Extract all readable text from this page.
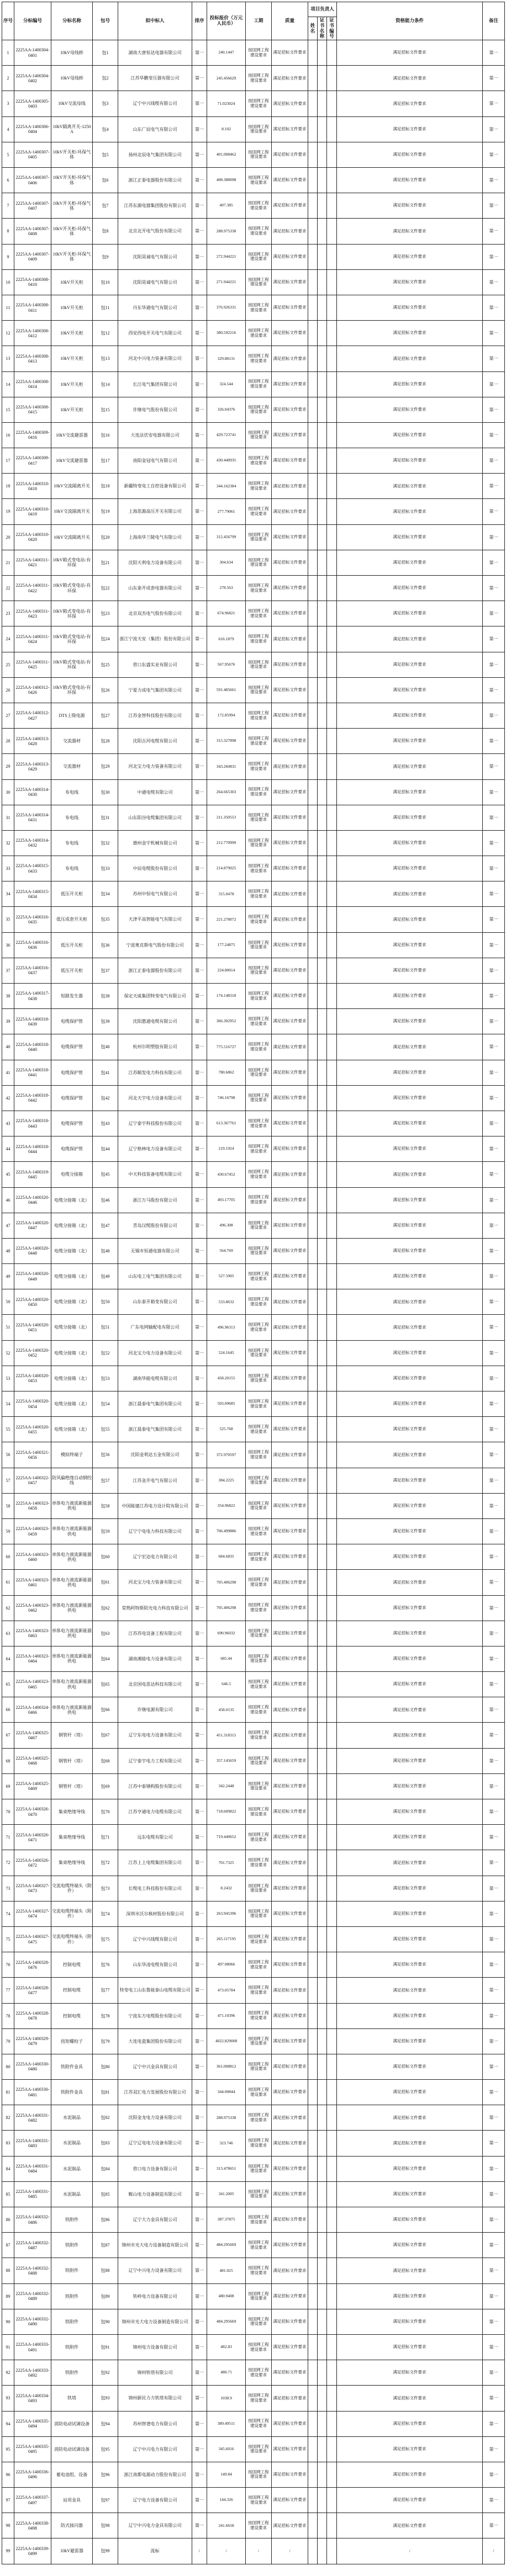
序号	分标编号	分标名称	包号	拟中标人	排序	投标报价（万元人民币）	工期	质量	项目负责人			资格能力条件	备注
									姓名	证书名称	证书编号		
1	2225AA-1400304-0401	10kV母线桥	包1	湖南大唐恒达电器有限公司	第一	240.1447	按国网工程建设要求	满足招标文件要求				满足招标文件要求	第一
2	2225AA-1400304-0402	10kV母线桥	包2	江苏华鹏变压器有限公司	第一	245.456629	按国网工程建设要求	满足招标文件要求				满足招标文件要求	第一
3	2225AA-1400305-0403	10kV交流母线	包3	辽宁中兴线缆有限公司	第一	71.023024	按国网工程建设要求	满足招标文件要求				满足招标文件要求	第一
4	2225AA-1400306-0404	10kV隔离开关-1250A	包4	山东广辰电气有限公司	第一	8.102	按国网工程建设要求	满足招标文件要求				满足招标文件要求	第一
5	2225AA-1400307-0405	10kV开关柜-环保气体	包5	扬州北辰电气集团有限公司	第一	401.008462	按国网工程建设要求	满足招标文件要求				满足招标文件要求	第一
6	2225AA-1400307-0406	10kV开关柜-环保气体	包6	浙江正泰电器股份有限公司	第一	408.388098	按国网工程建设要求	满足招标文件要求				满足招标文件要求	第一
7	2225AA-1400307-0407	10kV开关柜-环保气体	包7	江苏东源电器集团股份有限公司	第一	407.385	按国网工程建设要求	满足招标文件要求				满足招标文件要求	第一
8	2225AA-1400307-0408	10kV开关柜-环保气体	包8	北京北开电气股份有限公司	第一	288.975338	按国网工程建设要求	满足招标文件要求				满足招标文件要求	第一
9	2225AA-1400307-0409	10kV开关柜-环保气体	包9	沈阳昊诚电气有限公司	第一	272.944221	按国网工程建设要求	满足招标文件要求				满足招标文件要求	第一
10	2225AA-1400308-0410	10kV开关柜	包10	沈阳昊诚电气有限公司	第一	271.944221	按国网工程建设要求	满足招标文件要求				满足招标文件要求	第一
11	2225AA-1400308-0411	10kV开关柜	包11	丹东华通电气有限公司	第一	376.926331	按国网工程建设要求	满足招标文件要求				满足招标文件要求	第一
12	2225AA-1400308-0412	10kV开关柜	包12	西安西电开关电气有限公司	第一	380.592216	按国网工程建设要求	满足招标文件要求				满足招标文件要求	第一
13	2225AA-1400308-0413	10kV开关柜	包13	河北中兴电力装备有限公司	第一	329.88131	按国网工程建设要求	满足招标文件要求				满足招标文件要求	第一
14	2225AA-1400308-0414	10kV开关柜	包14	长江电气集团有限公司	第一	324.544	按国网工程建设要求	满足招标文件要求				满足招标文件要求	第一
15	2225AA-1400308-0415	10kV开关柜	包15	许继电气股份有限公司	第一	326.04376	按国网工程建设要求	满足招标文件要求				满足招标文件要求	第一
16	2225AA-1400309-0416	10kV交流避雷器	包16	大连法伏安电器有限公司	第一	429.723741	按国网工程建设要求	满足招标文件要求				满足招标文件要求	第一
17	2225AA-1400309-0417	10kV交流避雷器	包17	南阳金冠电气有限公司	第一	430.440935	按国网工程建设要求	满足招标文件要求				满足招标文件要求	第一
18	2225AA-1400310-0418	10kV交流隔离开关	包18	新疆特变电工自控设备有限公司	第一	344.162384	按国网工程建设要求	满足招标文件要求				满足招标文件要求	第一
19	2225AA-1400310-0419	10kV交流隔离开关	包19	上海思源高压开关有限公司	第一	277.79061	按国网工程建设要求	满足招标文件要求				满足招标文件要求	第一
20	2225AA-1400310-0420	10kV交流隔离开关	包20	上海南华兰陵电气有限公司	第一	312.456799	按国网工程建设要求	满足招标文件要求				满足招标文件要求	第一
21	2225AA-1400311-0421	10kV箱式变电站-有环保	包21	沈阳天利电力设备有限公司	第一	304.634	按国网工程建设要求	满足招标文件要求				满足招标文件要求	第一
22	2225AA-1400311-0422	10kV箱式变电站-有环保	包22	山东泰开成套电器有限公司	第一	278.563	按国网工程建设要求	满足招标文件要求				满足招标文件要求	第一
23	2225AA-1400311-0423	10kV箱式变电站-有环保	包23	北京双杰电气股份有限公司	第一	674.96821	按国网工程建设要求	满足招标文件要求				满足招标文件要求	第一
24	2225AA-1400311-0424	10kV箱式变电站-有环保	包24	浙江宁波天安（集团）股份有限公司	第一	616.1879	按国网工程建设要求	满足招标文件要求				满足招标文件要求	第一
25	2225AA-1400311-0425	10kV箱式变电站-有环保	包25	营口东盛实业有限公司	第一	567.95676	按国网工程建设要求	满足招标文件要求				满足招标文件要求	第一
26	2225AA-1400312-0426	10kV箱式变电站-有环保	包26	宁夏力成电气集团有限公司	第一	591.485661	按国网工程建设要求	满足招标文件要求				满足招标文件要求	第一
27	2225AA-1400312-0427	DTS上级电源	包27	江苏金智科技股份有限公司	第一	172.85994	按国网工程建设要求	满足招标文件要求				满足招标文件要求	第一
28	2225AA-1400313-0428	交流器材	包28	沈阳古河电缆有限公司	第一	315.327898	按国网工程建设要求	满足招标文件要求				满足招标文件要求	第一
29	2225AA-1400313-0429	交流器材	包29	河北宝力电力装备有限公司	第一	343.260831	按国网工程建设要求	满足招标文件要求				满足招标文件要求	第一
30	2225AA-1400314-0430	布电线	包30	中通电缆有限公司	第一	264.665303	按国网工程建设要求	满足招标文件要求				满足招标文件要求	第一
31	2225AA-1400314-0431	布电线	包31	山东阳谷电缆集团有限公司	第一	211.350553	按国网工程建设要求	满足招标文件要求				满足招标文件要求	第一
32	2225AA-1400314-0432	布电线	包32	德州金宇机械有限公司	第一	212.770999	按国网工程建设要求	满足招标文件要求				满足招标文件要求	第一
33	2225AA-1400315-0433	布电线	包33	中辰电缆股份有限公司	第一	214.879025	按国网工程建设要求	满足招标文件要求				满足招标文件要求	第一
34	2225AA-1400315-0434	低压开关柜	包34	苏州中恒电气有限公司	第一	315.0478	按国网工程建设要求	满足招标文件要求				满足招标文件要求	第一
35	2225AA-1400316-0435	低压成套开关柜	包35	天津平高智能电气有限公司	第一	221.278072	按国网工程建设要求	满足招标文件要求				满足招标文件要求	第一
36	2225AA-1400316-0436	低压开关柜	包36	宁波奥克斯电气股份有限公司	第一	177.24875	按国网工程建设要求	满足招标文件要求				满足招标文件要求	第一
37	2225AA-1400316-0437	低压开关柜	包37	浙江正泰电器股份有限公司	第一	224.80014	按国网工程建设要求	满足招标文件要求				满足招标文件要求	第一
38	2225AA-1400317-0438	短路发生器	包38	保定天威集团特变电气有限公司	第一	174.148318	按国网工程建设要求	满足招标文件要求				满足招标文件要求	第一
39	2225AA-1400318-0439	电缆保护管	包39	沈阳惠通电缆有限公司	第一	366.302952	按国网工程建设要求	满足招标文件要求				满足招标文件要求	第一
40	2225AA-1400318-0440	电缆保护管	包40	杭州尔明塑胶有限公司	第一	775.516727	按国网工程建设要求	满足招标文件要求				满足招标文件要求	第一
41	2225AA-1400318-0441	电缆保护管	包41	江苏顺发电力科技有限公司	第一	780.6862	按国网工程建设要求	满足招标文件要求				满足招标文件要求	第一
42	2225AA-1400318-0442	电缆保护管	包42	河北天宇电力设备有限公司	第一	746.16798	按国网工程建设要求	满足招标文件要求				满足招标文件要求	第一
43	2225AA-1400318-0443	电缆保护管	包43	辽宁泰宇科技股份有限公司	第一	613.367761	按国网工程建设要求	满足招标文件要求				满足招标文件要求	第一
44	2225AA-1400318-0444	电缆保护管	包44	辽宁格林电力设备有限公司	第一	219.1924	按国网工程建设要求	满足招标文件要求				满足招标文件要求	第一
45	2225AA-1400319-0445	电缆分接箱	包45	中天科技装备电缆有限公司	第一	430.67452	按国网工程建设要求	满足招标文件要求				满足招标文件要求	第一
46	2225AA-1400320-0446	电缆分接箱（北）	包46	浙江万马股份有限公司	第一	493.17705	按国网工程建设要求	满足招标文件要求				满足招标文件要求	第一
47	2225AA-1400320-0447	电缆分接箱（北）	包47	青岛汉缆股份有限公司	第一	496.308	按国网工程建设要求	满足招标文件要求				满足招标文件要求	第一
48	2225AA-1400320-0448	电缆分接箱（北）	包48	无锡市恒通电器有限公司	第一	564.769	按国网工程建设要求	满足招标文件要求				满足招标文件要求	第一
49	2225AA-1400320-0449	电缆分接箱（北）	包49	山东电工电气集团有限公司	第一	527.5905	按国网工程建设要求	满足招标文件要求				满足招标文件要求	第一
50	2225AA-1400320-0450	电缆分接箱（北）	包50	山东泰开箱变有限公司	第一	533.8632	按国网工程建设要求	满足招标文件要求				满足招标文件要求	第一
51	2225AA-1400320-0451	电缆分接箱（北）	包51	广东电网输配电有限公司	第一	496.96313	按国网工程建设要求	满足招标文件要求				满足招标文件要求	第一
52	2225AA-1400320-0452	电缆分接箱（北）	包52	河北宝力电力设备有限公司	第一	524.1645	按国网工程建设要求	满足招标文件要求				满足招标文件要求	第一
53	2225AA-1400320-0453	电缆分接箱（北）	包53	湖南华能电缆有限公司	第一	458.20155	按国网工程建设要求	满足招标文件要求				满足招标文件要求	第一
54	2225AA-1400320-0454	电缆分接箱（北）	包54	浙江晨泰电气集团有限公司	第一	503.09685	按国网工程建设要求	满足招标文件要求				满足招标文件要求	第一
55	2225AA-1400320-0455	电缆分接箱（北）	包55	浙江晨泰电气集团有限公司	第一	525.768	按国网工程建设要求	满足招标文件要求				满足招标文件要求	第一
56	2225AA-1400321-0456	模拟终端子	包56	沈阳金利达五金有限公司	第一	372.970597	按国网工程建设要求	满足招标文件要求				满足招标文件要求	第一
57	2225AA-1400322-0457	防风偏绝缘自动钢绞线	包57	江苏金开电气有限公司	第一	384.2225	按国网工程建设要求	满足招标文件要求				满足招标文件要求	第一
58	2225AA-1400323-0458	单体电力液流新能源供电	包58	中国能建江苏电力设计院有限公司	第一	354.96822	按国网工程建设要求	满足招标文件要求				满足招标文件要求	第一
59	2225AA-1400323-0459	单体电力液流新能源供电	包59	辽宁宁电电力科技有限公司	第一	706.499886	按国网工程建设要求	满足招标文件要求				满足招标文件要求	第一
60	2225AA-1400323-0460	单体电力液流新能源供电	包60	辽宁宏达电力有限公司	第一	684.6835	按国网工程建设要求	满足招标文件要求				满足招标文件要求	第一
61	2225AA-1400323-0461	单体电力液流新能源供电	包61	河北宝力电力装备有限公司	第一	705.406298	按国网工程建设要求	满足招标文件要求				满足招标文件要求	第一
62	2225AA-1400323-0462	单体电力液流新能源供电	包62	常熟阿特斯阳光电力科技有限公司	第一	705.406298	按国网工程建设要求	满足招标文件要求				满足招标文件要求	第一
63	2225AA-1400323-0463	单体电力液流新能源供电	包63	江苏苏电设备工程有限公司	第一	690.96032	按国网工程建设要求	满足招标文件要求				满足招标文件要求	第一
64	2225AA-1400323-0464	单体电力液流新能源供电	包64	湖南湘能电力设备有限公司	第一	685.44	按国网工程建设要求	满足招标文件要求				满足招标文件要求	第一
65	2225AA-1400323-0465	单体电力液流新能源供电	包65	北京国电思达科技有限公司	第一	646.5	按国网工程建设要求	满足招标文件要求				满足招标文件要求	第一
66	2225AA-1400324-0466	单体电力液流新能源供电	包66	许继电源有限公司	第一	458.0135	按国网工程建设要求	满足招标文件要求				满足招标文件要求	第一
67	2225AA-1400325-0467	钢管杆（塔）	包67	辽宁东电电力设备有限公司	第一	451.318315	按国网工程建设要求	满足招标文件要求				满足招标文件要求	第一
68	2225AA-1400325-0468	钢管杆（塔）	包68	辽宁泰宇电力工程有限公司	第一	357.145659	按国网工程建设要求	满足招标文件要求				满足招标文件要求	第一
69	2225AA-1400325-0469	钢管杆（塔）	包69	江苏中泰钢构股份有限公司	第一	342.2448	按国网工程建设要求	满足招标文件要求				满足招标文件要求	第一
70	2225AA-1400326-0470	集束绝缘导线	包70	江苏亨通电力电缆有限公司	第一	718.609822	按国网工程建设要求	满足招标文件要求				满足招标文件要求	第一
71	2225AA-1400326-0471	集束绝缘导线	包71	远东电缆有限公司	第一	719.440652	按国网工程建设要求	满足招标文件要求				满足招标文件要求	第一
72	2225AA-1400326-0472	集束绝缘导线	包72	江苏上上电缆集团有限公司	第一	701.7325	按国网工程建设要求	满足招标文件要求				满足招标文件要求	第一
73	2225AA-1400327-0473	交流电缆终端头（附件）	包73	长缆电工科技股份有限公司	第一	8.2432	按国网工程建设要求	满足招标文件要求				满足招标文件要求	第一
74	2225AA-1400327-0474	交流电缆终端头（附件）	包74	深圳市沃尔核材股份有限公司	第一	263.945396	按国网工程建设要求	满足招标文件要求				满足招标文件要求	第一
75	2225AA-1400327-0475	交流电缆终端头（附件）	包75	辽宁中兴线缆有限公司	第一	265.117195	按国网工程建设要求	满足招标文件要求				满足招标文件要求	第一
76	2225AA-1400328-0476	控制电缆	包76	山东华凌电缆有限公司	第一	497.08066	按国网工程建设要求	满足招标文件要求				满足招标文件要求	第一
77	2225AA-1400328-0477	控制电缆	包77	特变电工山东鲁能泰山电缆有限公司	第一	473.05784	按国网工程建设要求	满足招标文件要求				满足招标文件要求	第一
78	2225AA-1400328-0478	控制电缆	包78	宁波东方电缆股份有限公司	第一	471.10396	按国网工程建设要求	满足招标文件要求				满足招标文件要求	第一
79	2225AA-1400329-0479	扭矩螺栓子	包79	大连电瓷集团股份有限公司	第一	4022.829008	按国网工程建设要求	满足招标文件要求				满足招标文件要求	第一
80	2225AA-1400330-0480	铁附件金具	包80	辽宁中兴金具有限公司	第一	361.008812	按国网工程建设要求	满足招标文件要求				满足招标文件要求	第一
81	2225AA-1400330-0481	铁附件金具	包81	江苏双汇电力发展股份有限公司	第一	344.00844	按国网工程建设要求	满足招标文件要求				满足招标文件要求	第一
82	2225AA-1400331-0482	水泥制品	包82	沈阳金龙电力设备有限公司	第一	288.975338	按国网工程建设要求	满足招标文件要求				满足招标文件要求	第一
83	2225AA-1400331-0483	水泥制品	包83	辽宁辽电电力设备有限公司	第一	323.746	按国网工程建设要求	满足招标文件要求				满足招标文件要求	第一
84	2225AA-1400331-0484	水泥制品	包84	营口电力设备有限公司	第一	313.478651	按国网工程建设要求	满足招标文件要求				满足招标文件要求	第一
85	2225AA-1400331-0485	水泥制品	包85	鞍山电力设备制造有限公司	第一	341.2005	按国网工程建设要求	满足招标文件要求				满足招标文件要求	第一
86	2225AA-1400332-0486	铁附件	包86	辽宁大力金具有限公司	第一	387.37875	按国网工程建设要求	满足招标文件要求				满足招标文件要求	第一
87	2225AA-1400332-0487	铁附件	包87	锦州市光大电力设备制造有限公司	第一	484.295669	按国网工程建设要求	满足招标文件要求				满足招标文件要求	第一
88	2225AA-1400332-0488	铁附件	包88	辽宁中兴电力设备有限公司	第一	481.025	按国网工程建设要求	满足招标文件要求				满足招标文件要求	第一
89	2225AA-1400332-0489	铁附件	包89	铁岭电力设备有限公司	第一	480.9408	按国网工程建设要求	满足招标文件要求				满足招标文件要求	第一
90	2225AA-1400332-0490	铁附件	包90	锦州市光大电力设备制造有限公司	第一	484.295669	按国网工程建设要求	满足招标文件要求				满足招标文件要求	第一
91	2225AA-1400333-0491	铁附件	包91	锦州电力设备有限公司	第一	482.83	按国网工程建设要求	满足招标文件要求				满足招标文件要求	第一
92	2225AA-1400333-0492	铁附件	包92	锦州铁塔有限公司	第一	480.71	按国网工程建设要求	满足招标文件要求				满足招标文件要求	第一
93	2225AA-1400334-0493	铁塔	包93	锦州新民力力铁塔有限公司	第一	1038.9	按国网工程建设要求	满足招标文件要求				满足招标文件要求	第一
94	2225AA-1400335-0494	消防电动试调设备	包94	苏州智谱电力有限公司	第一	389.49511	按国网工程建设要求	满足招标文件要求				满足招标文件要求	第一
95	2225AA-1400335-0495	消防电动试调设备	包95	辽宁中兴电力有限公司	第一	345.6016	按国网工程建设要求	满足招标文件要求				满足招标文件要求	第一
96	2225AA-1400336-0496	蓄电池组、设备	包96	浙江南都电源动力股份有限公司	第一	149.84	按国网工程建设要求	满足招标文件要求				满足招标文件要求	第一
97	2225AA-1400337-0497	站用金具	包97	辽宁电力设备有限公司	第一	144.326	按国网工程建设要求	满足招标文件要求				满足招标文件要求	第一
98	2225AA-1400338-0498	防式接闪器	包98	辽宁中兴电力金具有限公司	第一	241.6658	按国网工程建设要求	满足招标文件要求				满足招标文件要求	第一
99	2225AA-1400339-0499	10kV避雷器	包99	流标	/	/	/	/				/	/
